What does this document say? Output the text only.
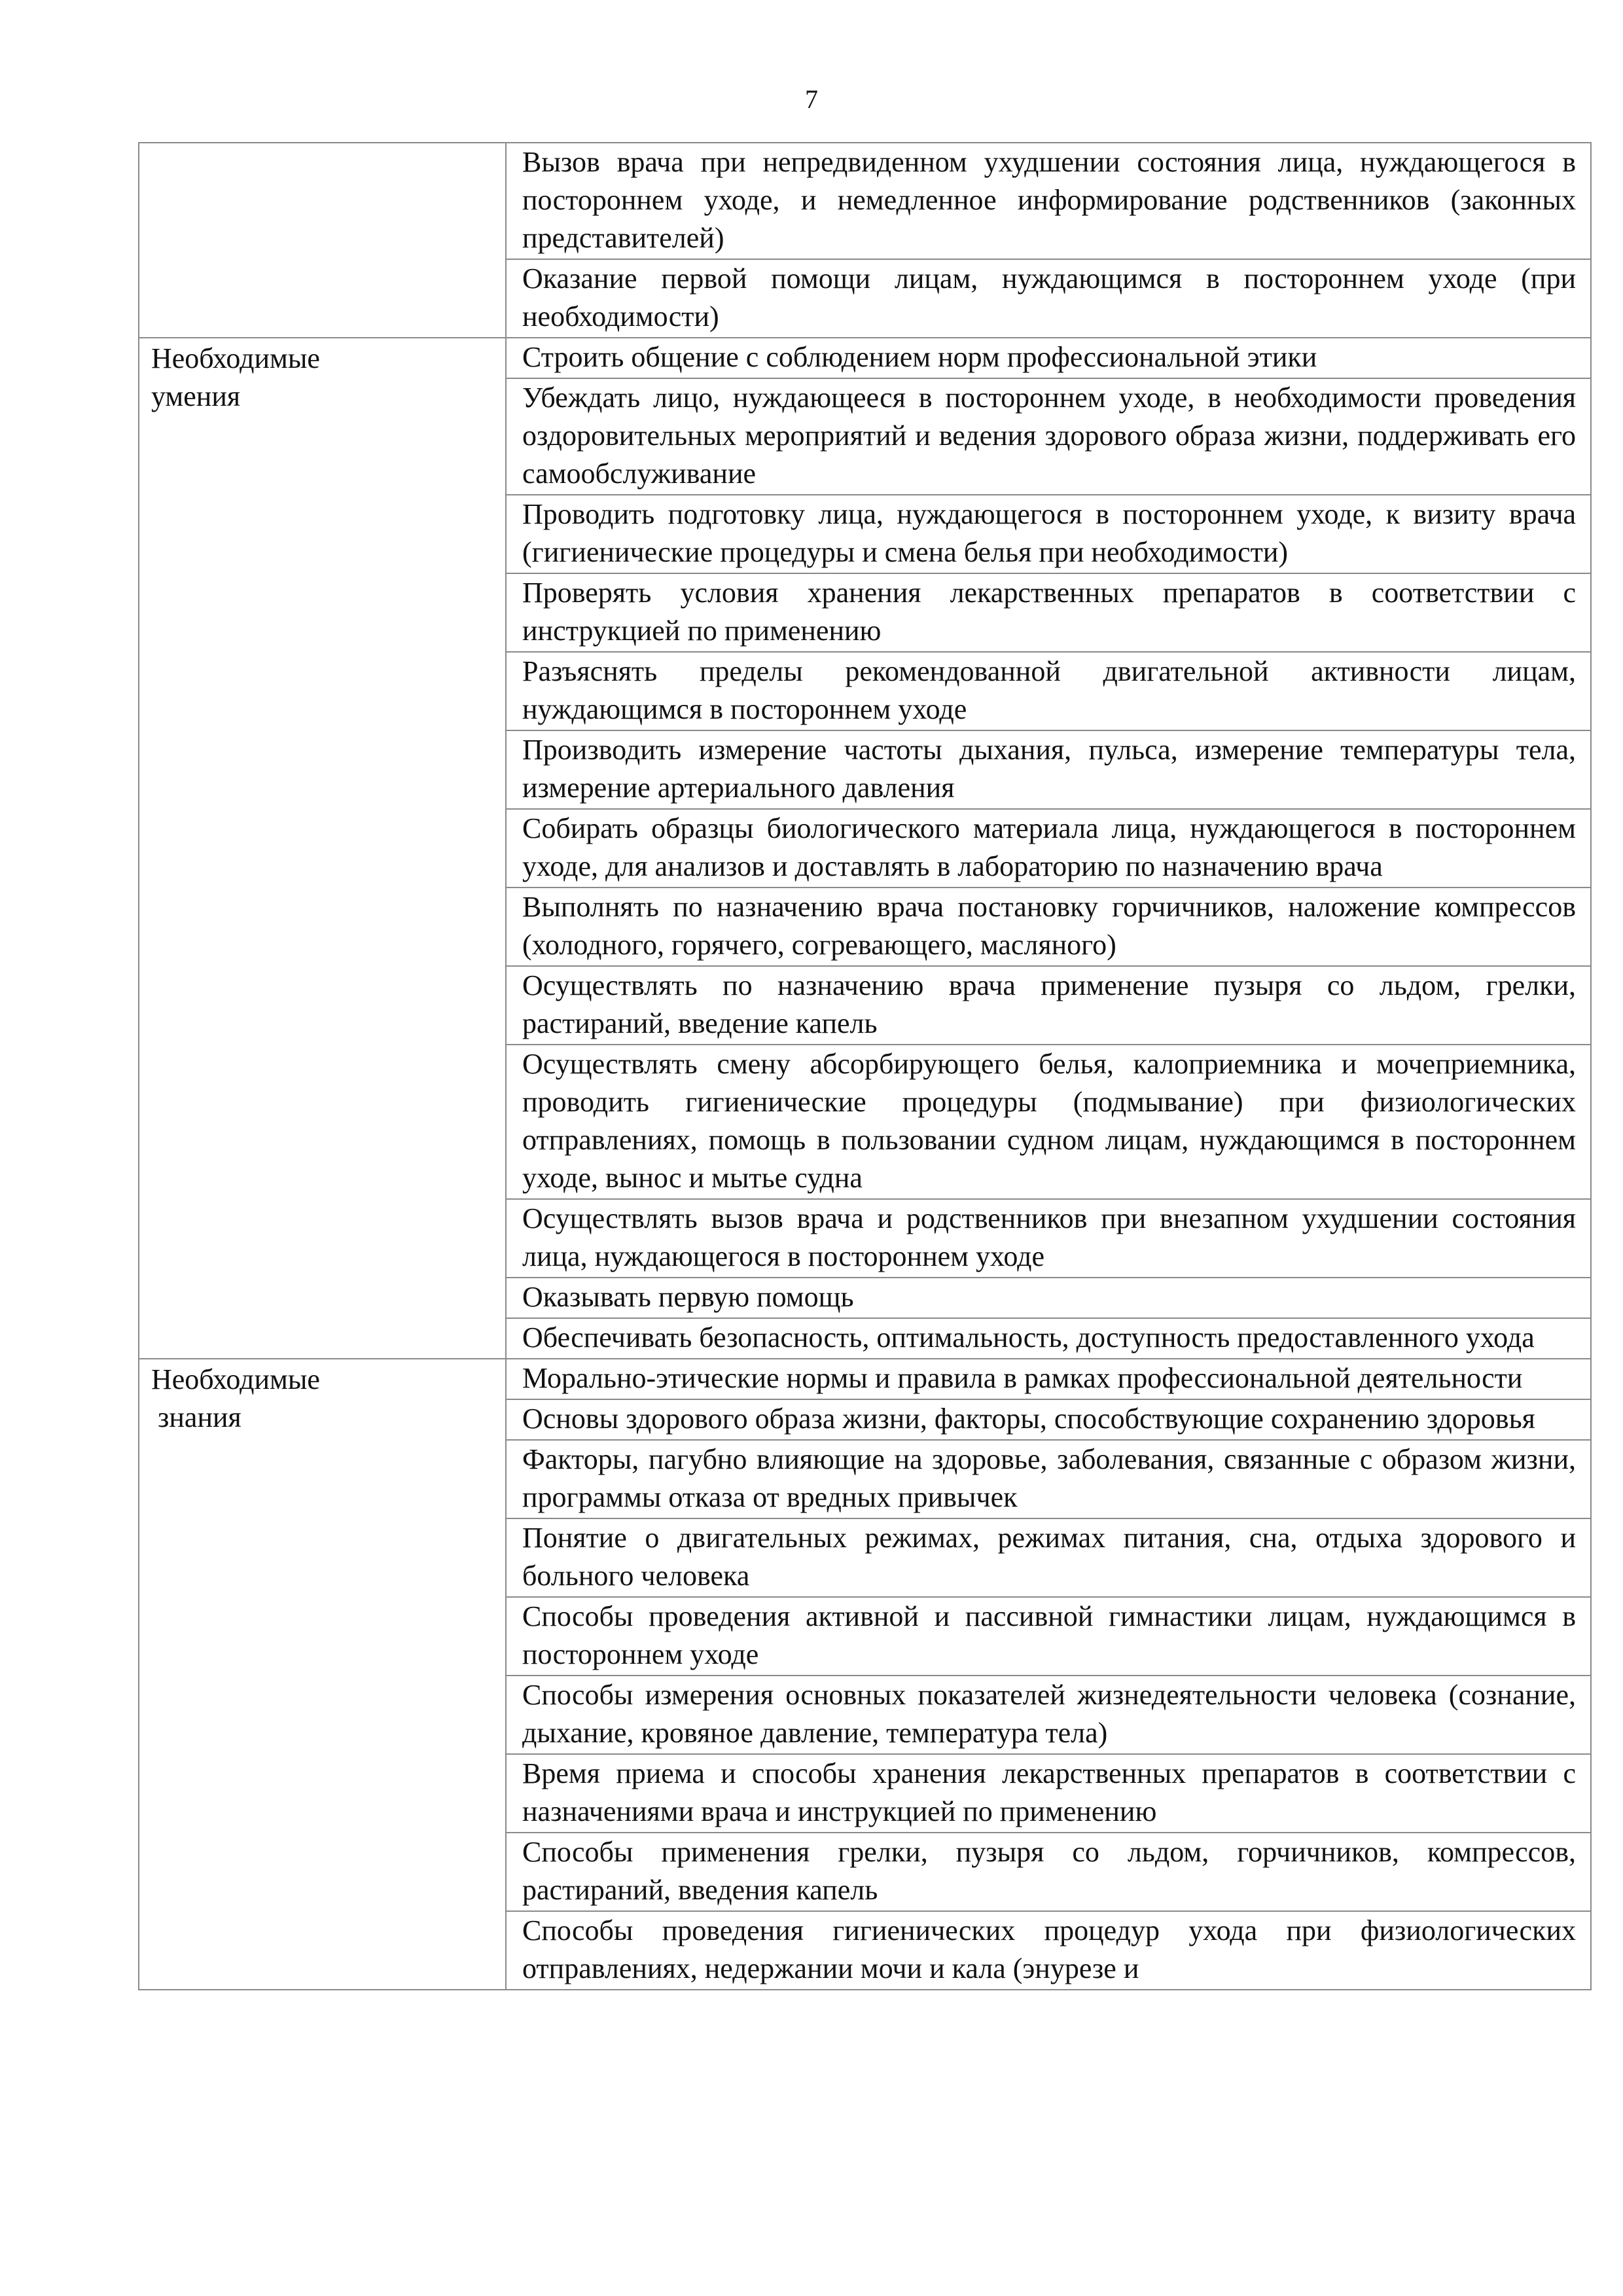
7
	Вызов врача при непредвиденном ухудшении состояния лица, нуждающегося в постороннем уходе, и немедленное информирование родственников (законных представителей)
	Оказание первой помощи лицам, нуждающимся в постороннем уходе (при необходимости)

Необходимые
умения	Строить общение с соблюдением норм профессиональной этики
	Убеждать лицо, нуждающееся в постороннем уходе, в необходимости проведения оздоровительных мероприятий и ведения здорового образа жизни, поддерживать его самообслуживание
	Проводить подготовку лица, нуждающегося в постороннем уходе, к визиту врача (гигиенические процедуры и смена белья при необходимости)
	Проверять условия хранения лекарственных препаратов в соответствии с инструкцией по применению
	Разъяснять пределы рекомендованной двигательной активности лицам, нуждающимся в постороннем уходе
	Производить измерение частоты дыхания, пульса, измерение температуры тела, измерение артериального давления
	Собирать образцы биологического материала лица, нуждающегося в постороннем уходе, для анализов и доставлять в лабораторию по назначению врача
	Выполнять по назначению врача постановку горчичников, наложение компрессов (холодного, горячего, согревающего, масляного)
	Осуществлять по назначению врача применение пузыря со льдом, грелки, растираний, введение капель
	Осуществлять смену абсорбирующего белья, калоприемника и мочеприемника, проводить гигиенические процедуры (подмывание) при физиологических отправлениях, помощь в пользовании судном лицам, нуждающимся в постороннем уходе, вынос и мытье судна
	Осуществлять вызов врача и родственников при внезапном ухудшении состояния лица, нуждающегося в постороннем уходе
	Оказывать первую помощь
	Обеспечивать безопасность, оптимальность, доступность предоставленного ухода

Необходимые
знания	Морально-этические нормы и правила в рамках профессиональной деятельности
	Основы здорового образа жизни, факторы, способствующие сохранению здоровья
	Факторы, пагубно влияющие на здоровье, заболевания, связанные с образом жизни, программы отказа от вредных привычек
	Понятие о двигательных режимах, режимах питания, сна, отдыха здорового и больного человека
	Способы проведения активной и пассивной гимнастики лицам, нуждающимся в постороннем уходе
	Способы измерения основных показателей жизнедеятельности человека (сознание, дыхание, кровяное давление, температура тела)
	Время приема и способы хранения лекарственных препаратов в соответствии с назначениями врача и инструкцией по применению
	Способы применения грелки, пузыря со льдом, горчичников, компрессов, растираний, введения капель
	Способы проведения гигиенических процедур ухода при физиологических отправлениях, недержании мочи и кала (энурезе и
